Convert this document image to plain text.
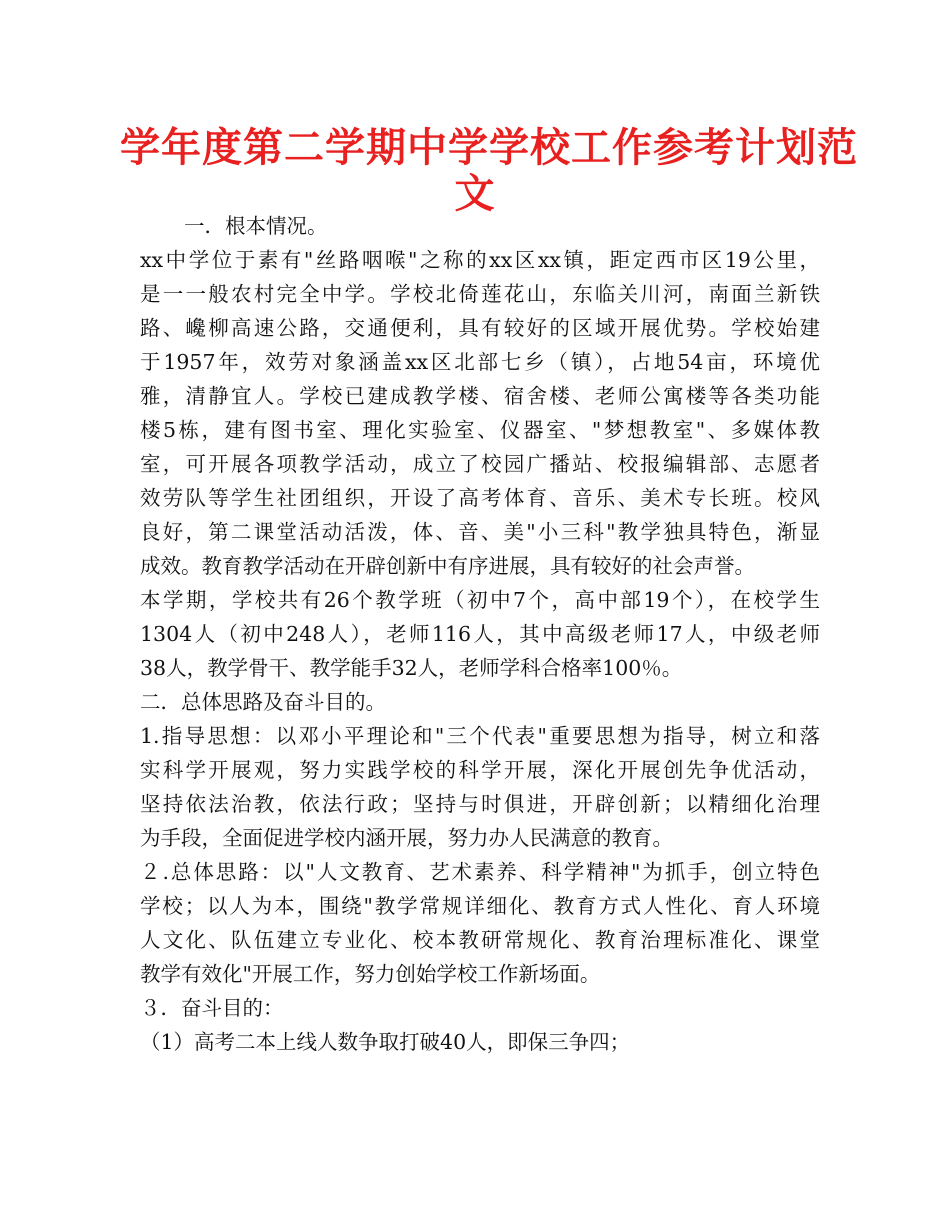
学年度第二学期中学学校工作参考计划范
文
一．根本情况。
xx中学位于素有"丝路咽喉"之称的xx区xx镇，距定西市区19公里，
是一一般农村完全中学。学校北倚莲花山，东临关川河，南面兰新铁
路、巉柳高速公路，交通便利，具有较好的区域开展优势。学校始建
于1957年，效劳对象涵盖xx区北部七乡（镇），占地54亩，环境优
雅，清静宜人。学校已建成教学楼、宿舍楼、老师公寓楼等各类功能
楼5栋，建有图书室、理化实验室、仪器室、"梦想教室"、多媒体教
室，可开展各项教学活动，成立了校园广播站、校报编辑部、志愿者
效劳队等学生社团组织，开设了高考体育、音乐、美术专长班。校风
良好，第二课堂活动活泼，体、音、美"小三科"教学独具特色，渐显
成效。教育教学活动在开辟创新中有序进展，具有较好的社会声誉。
本学期，学校共有26个教学班（初中7个，高中部19个），在校学生
1304人（初中248人），老师116人，其中高级老师17人，中级老师
38人，教学骨干、教学能手32人，老师学科合格率100％。
二．总体思路及奋斗目的。
1.指导思想：以邓小平理论和"三个代表"重要思想为指导，树立和落
实科学开展观，努力实践学校的科学开展，深化开展创先争优活动，
坚持依法治教，依法行政；坚持与时俱进，开辟创新；以精细化治理
为手段，全面促进学校内涵开展，努力办人民满意的教育。
２.总体思路：以"人文教育、艺术素养、科学精神"为抓手，创立特色
学校；以人为本，围绕"教学常规详细化、教育方式人性化、育人环境
人文化、队伍建立专业化、校本教研常规化、教育治理标准化、课堂
教学有效化"开展工作，努力创始学校工作新场面。
３．奋斗目的：
（1）高考二本上线人数争取打破40人，即保三争四；
